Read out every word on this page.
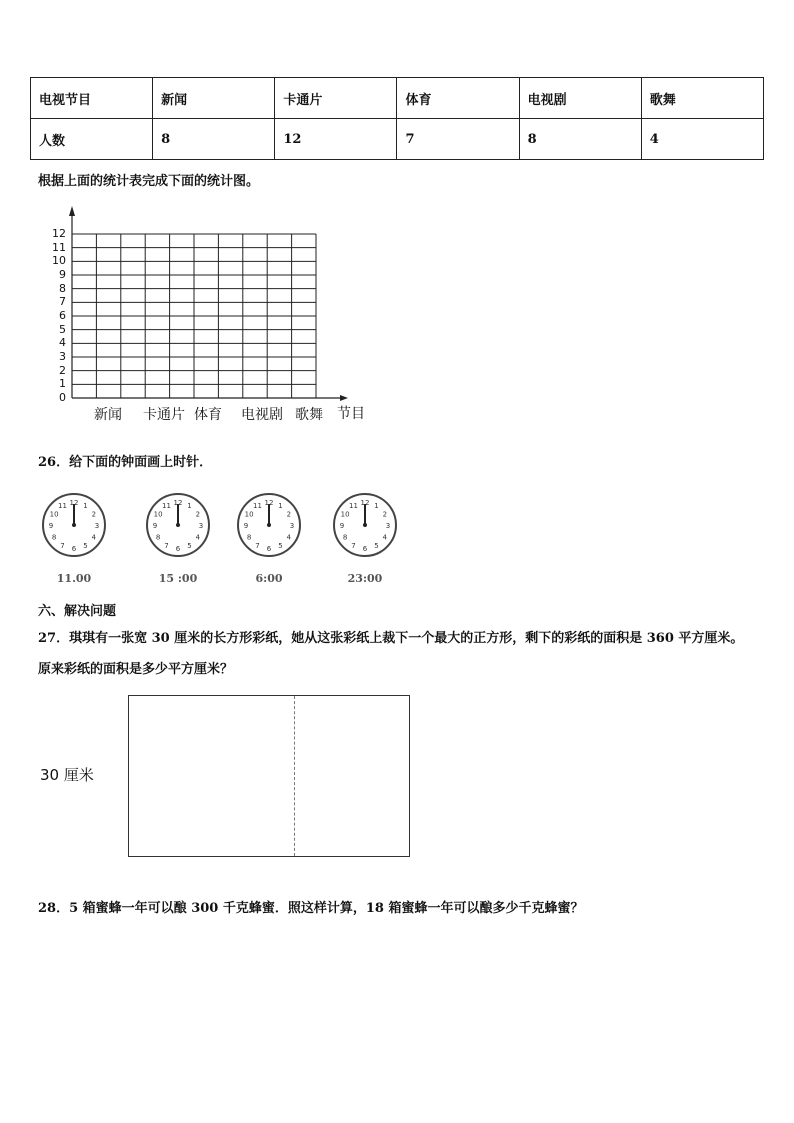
电视节目	新闻	卡通片	体育	电视剧	歌舞
人数	8	12	7	8	4
根据上面的统计表完成下面的统计图。
0
1
2
3
4
5
6
7
8
9
10
11
12
新闻 卡通片 体育 电视剧 歌舞 节目
26．给下面的钟面画上时针．
1
2
3
4
5
6
7
8
9
10
11 12
11.00
1
2
3
4
5
6
7
8
9
10
11 12
15 :00
1
2
3
4
5
6
7
8
9
10
11 12
6:00
1
2
3
4
5
6
7
8
9
10
11 12
23:00
六、解决问题
27．琪琪有一张宽 30 厘米的长方形彩纸，她从这张彩纸上裁下一个最大的正方形，剩下的彩纸的面积是 360 平方厘米。
原来彩纸的面积是多少平方厘米？
30 厘米
28．5 箱蜜蜂一年可以酿 300 千克蜂蜜．照这样计算，18 箱蜜蜂一年可以酿多少千克蜂蜜？
